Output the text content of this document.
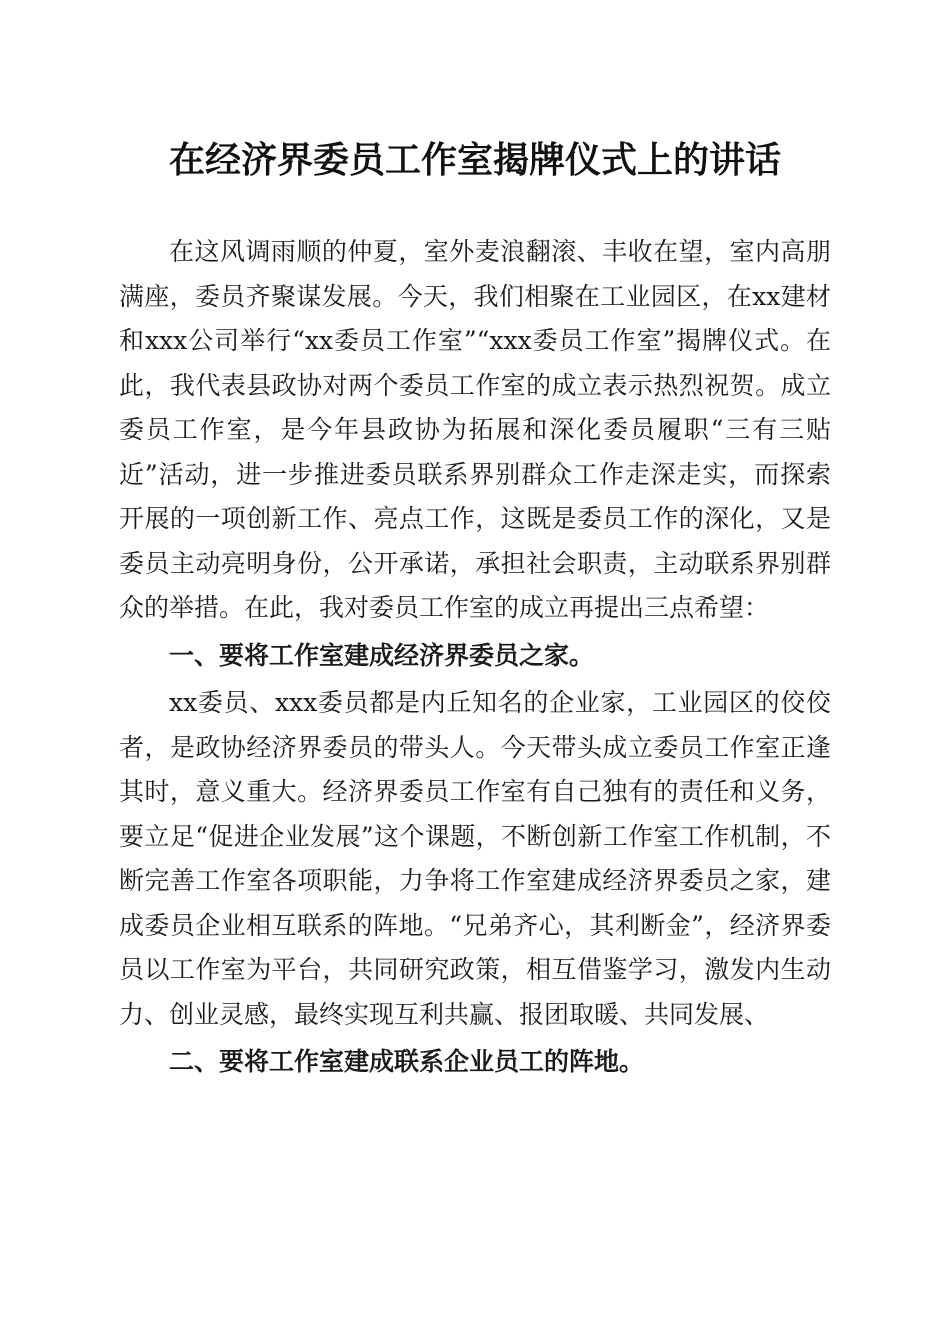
在经济界委员工作室揭牌仪式上的讲话

在这风调雨顺的仲夏，室外麦浪翻滚、丰收在望，室内高朋满座，委员齐聚谋发展。今天，我们相聚在工业园区，在xx建材和xxx公司举行“xx委员工作室”“xxx委员工作室”揭牌仪式。在此，我代表县政协对两个委员工作室的成立表示热烈祝贺。成立委员工作室，是今年县政协为拓展和深化委员履职“三有三贴近”活动，进一步推进委员联系界别群众工作走深走实，而探索开展的一项创新工作、亮点工作，这既是委员工作的深化，又是委员主动亮明身份，公开承诺，承担社会职责，主动联系界别群众的举措。在此，我对委员工作室的成立再提出三点希望：

一、要将工作室建成经济界委员之家。

xx委员、xxx委员都是内丘知名的企业家，工业园区的佼佼者，是政协经济界委员的带头人。今天带头成立委员工作室正逢其时，意义重大。经济界委员工作室有自己独有的责任和义务，要立足“促进企业发展”这个课题，不断创新工作室工作机制，不断完善工作室各项职能，力争将工作室建成经济界委员之家，建成委员企业相互联系的阵地。“兄弟齐心，其利断金”，经济界委员以工作室为平台，共同研究政策，相互借鉴学习，激发内生动力、创业灵感，最终实现互利共赢、报团取暖、共同发展、

二、要将工作室建成联系企业员工的阵地。
